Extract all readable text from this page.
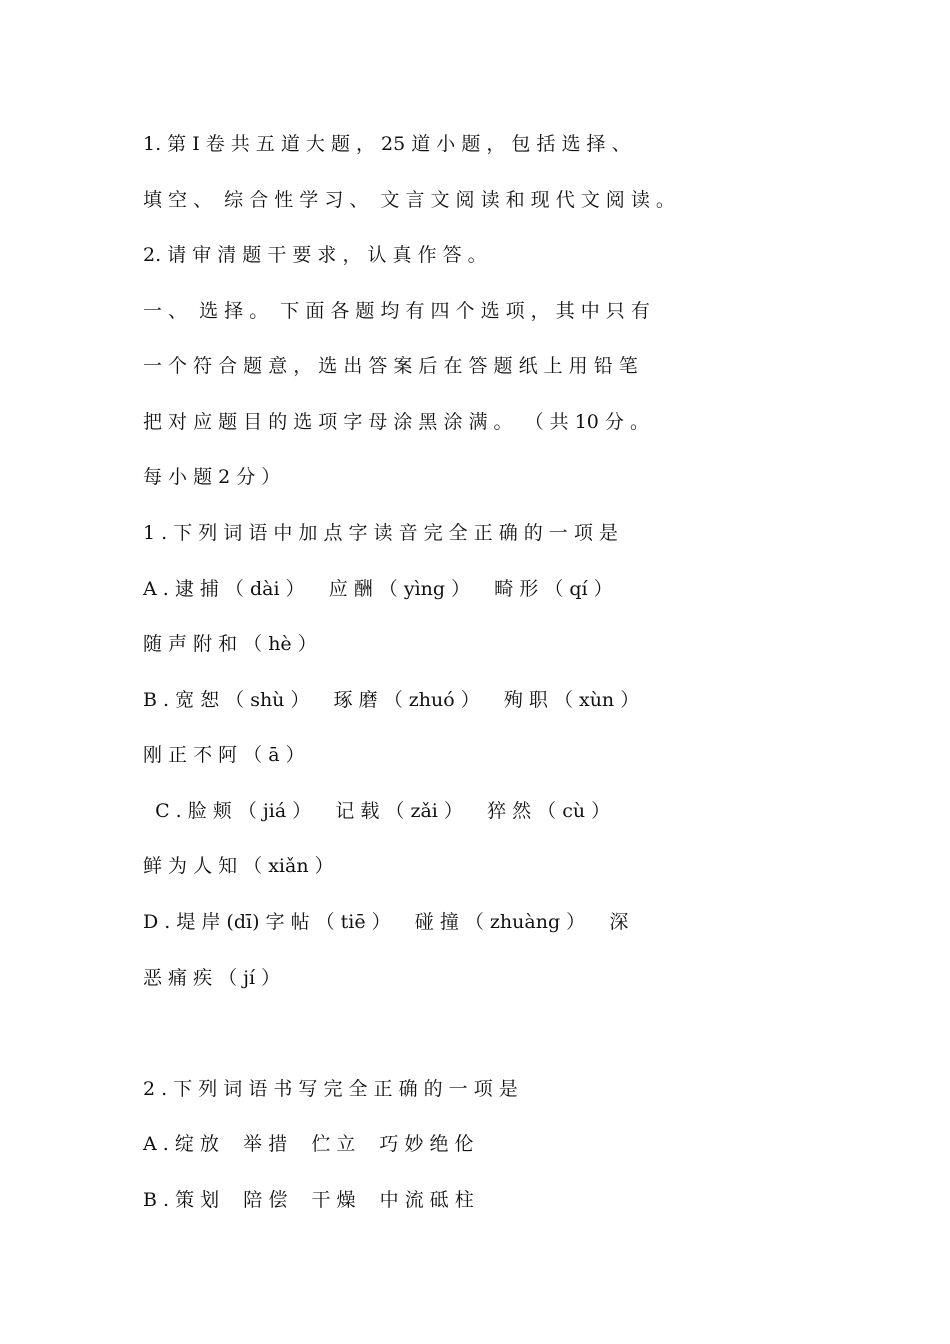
1. 第 Ⅰ 卷 共 五 道 大 题 ， 25 道 小 题 ， 包 括 选 择 、
填 空 、  综 合 性 学 习 、  文 言 文 阅 读 和 现 代 文 阅 读 。
2. 请 审 清 题 干 要 求 ， 认 真 作 答 。
一 、  选 择 。  下 面 各 题 均 有 四 个 选 项 ， 其 中 只 有
一 个 符 合 题 意 ， 选 出 答 案 后 在 答 题 纸 上 用 铅 笔
把 对 应 题 目 的 选 项 字 母 涂 黑 涂 满 。  （ 共 10 分 。
每 小 题 2 分 ）
1 . 下 列 词 语 中 加 点 字 读 音 完 全 正 确 的 一 项 是
A . 逮 捕 （ dài ）    应 酬 （ yìng ）    畸 形 （ qí ）
随 声 附 和 （ hè ）
B . 宽 恕 （ shù ）    琢 磨 （ zhuó ）    殉 职 （ xùn ）
刚 正 不 阿 （ ā ）
C . 脸 颊 （ jiá ）    记 载 （ zǎi ）    猝 然 （ cù ）
鲜 为 人 知 （ xiǎn ）
D . 堤 岸 (dī) 字 帖 （ tiē ）    碰 撞 （ zhuàng ）    深
恶 痛 疾 （ jí ）
2 . 下 列 词 语 书 写 完 全 正 确 的 一 项 是
A . 绽 放    举 措    伫 立    巧 妙 绝 伦
B . 策 划    陪 偿    干 燥    中 流 砥 柱
